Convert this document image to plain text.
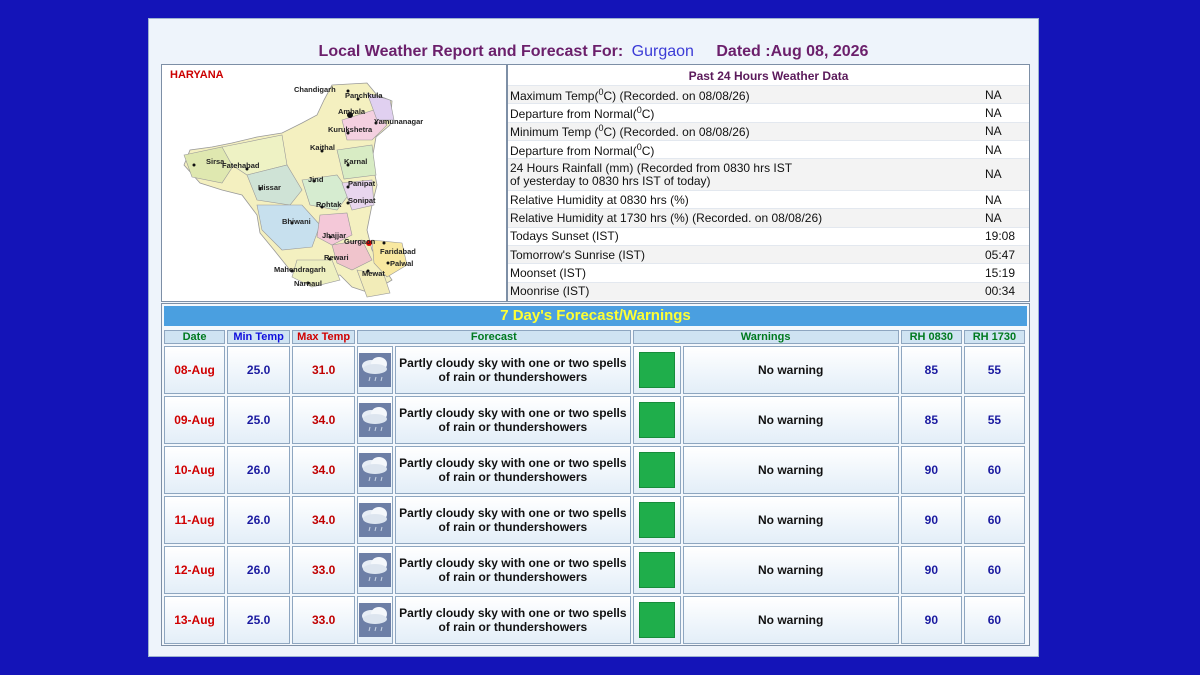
Local Weather Report and Forecast For: Gurgaon Dated :Aug 08, 2026
HARYANA
Chandigarh
Panchkula
Ambala
Yamunanagar
Kurukshetra
Kaithal
Karnal
Sirsa
Fatehabad
Jind	Panipat
Hissar
Rohtak Sonipat
Bhiwani
Jhajjar
Gurgaon
Faridabad
Rewari
Palwal
Mahendragarh	Mewat
Narnaul
Past 24 Hours Weather Data
Maximum Temp($^0$C) (Recorded. on 08/08/26)	NA
Departure from Normal($^0$C)	NA
Minimum Temp ($^0$C) (Recorded. on 08/08/26)	NA
Departure from Normal($^0$C)	NA
24 Hours Rainfall (mm) (Recorded from 0830 hrs IST
of yesterday to 0830 hrs IST of today)	NA
Relative Humidity at 0830 hrs (%)	NA
Relative Humidity at 1730 hrs (%) (Recorded. on 08/08/26)	NA
Todays Sunset (IST)	19:08
Tomorrow's Sunrise (IST)	05:47
Moonset (IST)	15:19
Moonrise (IST)	00:34
7 Day's Forecast/Warnings
Date	Min Temp	Max Temp	Forecast		Warnings		RH 0830	RH 1730
08-Aug	25.0	31.0		Partly cloudy sky with one or two spells
of rain or thundershowers		No warning	85	55
09-Aug	25.0	34.0		Partly cloudy sky with one or two spells
of rain or thundershowers		No warning	85	55
10-Aug	26.0	34.0		Partly cloudy sky with one or two spells
of rain or thundershowers		No warning	90	60
11-Aug	26.0	34.0		Partly cloudy sky with one or two spells
of rain or thundershowers		No warning	90	60
12-Aug	26.0	33.0		Partly cloudy sky with one or two spells
of rain or thundershowers		No warning	90	60
13-Aug	25.0	33.0		Partly cloudy sky with one or two spells
of rain or thundershowers		No warning	90	60
